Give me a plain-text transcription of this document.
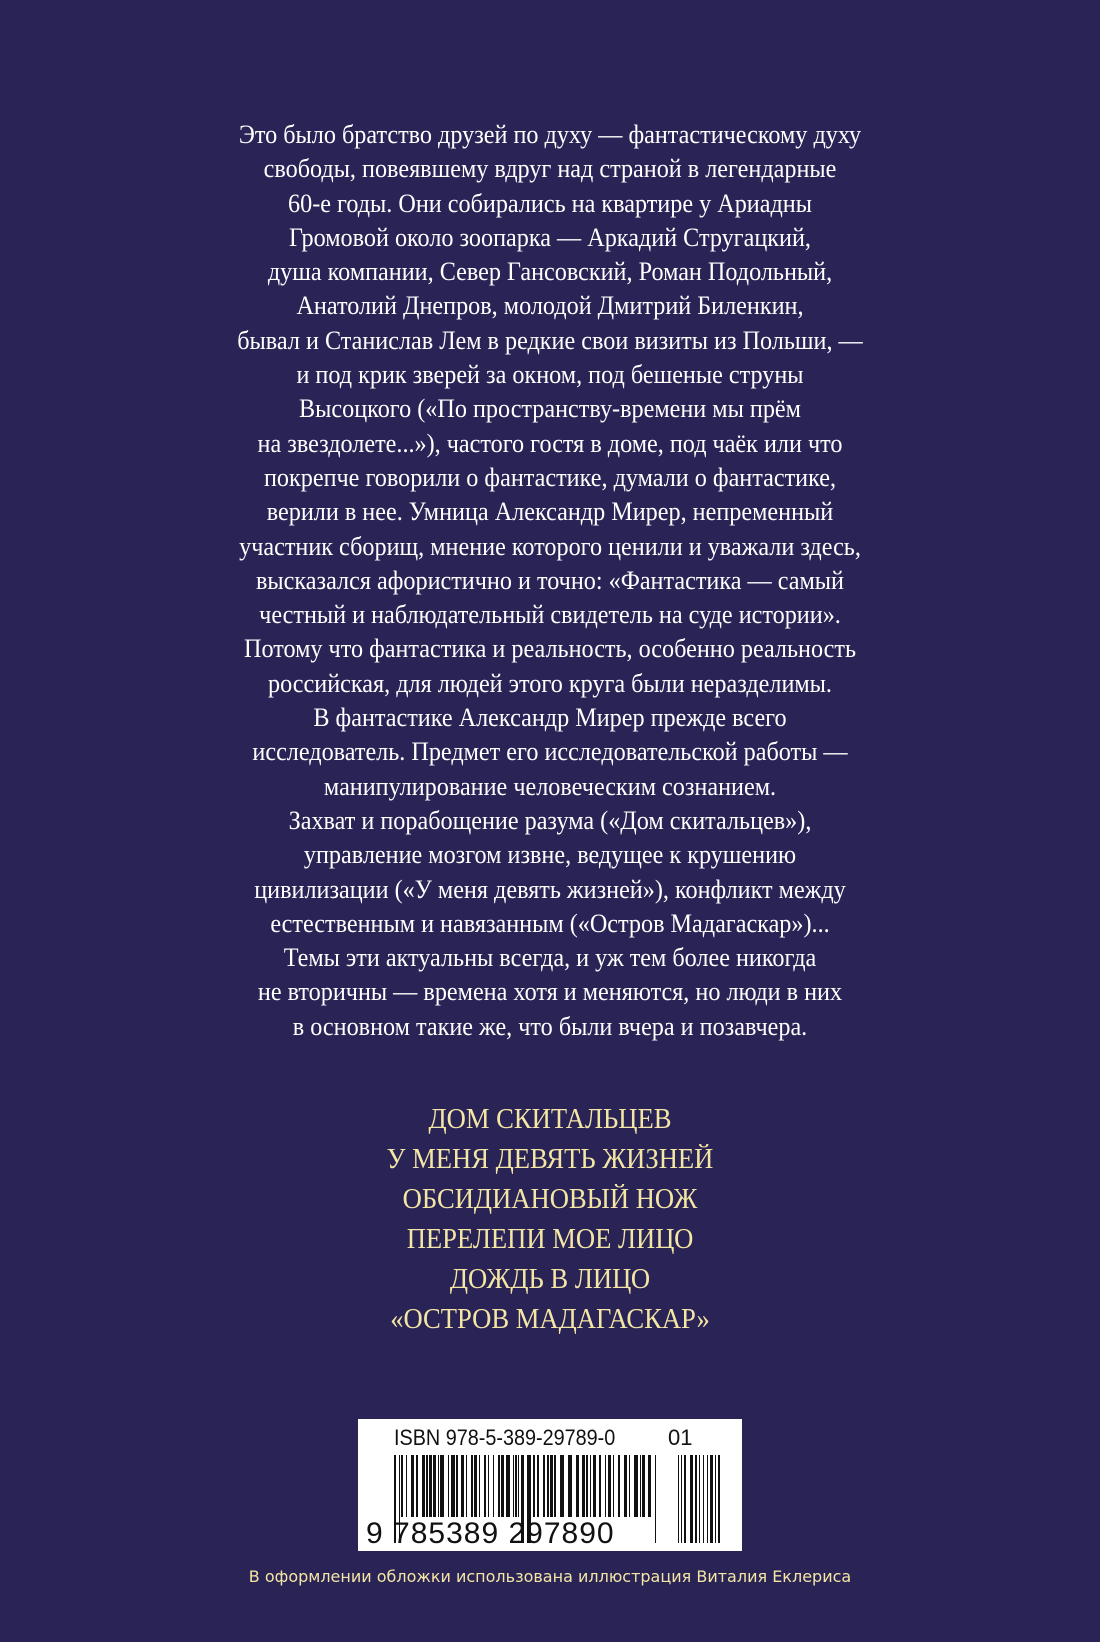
Это было братство друзей по духу — фантастическому духу
свободы, повеявшему вдруг над страной в легендарные
60-е годы. Они собирались на квартире у Ариадны
Громовой около зоопарка — Аркадий Стругацкий,
душа компании, Север Гансовский, Роман Подольный,
Анатолий Днепров, молодой Дмитрий Биленкин,
бывал и Станислав Лем в редкие свои визиты из Польши, —
и под крик зверей за окном, под бешеные струны
Высоцкого («По пространству-времени мы прём
на звездолете...»), частого гостя в доме, под чаёк или что
покрепче говорили о фантастике, думали о фантастике,
верили в нее. Умница Александр Мирер, непременный
участник сборищ, мнение которого ценили и уважали здесь,
высказался афористично и точно: «Фантастика — самый
честный и наблюдательный свидетель на суде истории».
Потому что фантастика и реальность, особенно реальность
российская, для людей этого круга были неразделимы.
В фантастике Александр Мирер прежде всего
исследователь. Предмет его исследовательской работы —
манипулирование человеческим сознанием.
Захват и порабощение разума («Дом скитальцев»),
управление мозгом извне, ведущее к крушению
цивилизации («У меня девять жизней»), конфликт между
естественным и навязанным («Остров Мадагаскар»)...
Темы эти актуальны всегда, и уж тем более никогда
не вторичны — времена хотя и меняются, но люди в них
в основном такие же, что были вчера и позавчера.
ДОМ СКИТАЛЬЦЕВ
У МЕНЯ ДЕВЯТЬ ЖИЗНЕЙ
ОБСИДИАНОВЫЙ НОЖ
ПЕРЕЛЕПИ МОЕ ЛИЦО
ДОЖДЬ В ЛИЦО
«ОСТРОВ МАДАГАСКАР»
ISBN 978-5-389-29789-0 01
9 785389 297890
В оформлении обложки использована иллюстрация Виталия Еклериса
